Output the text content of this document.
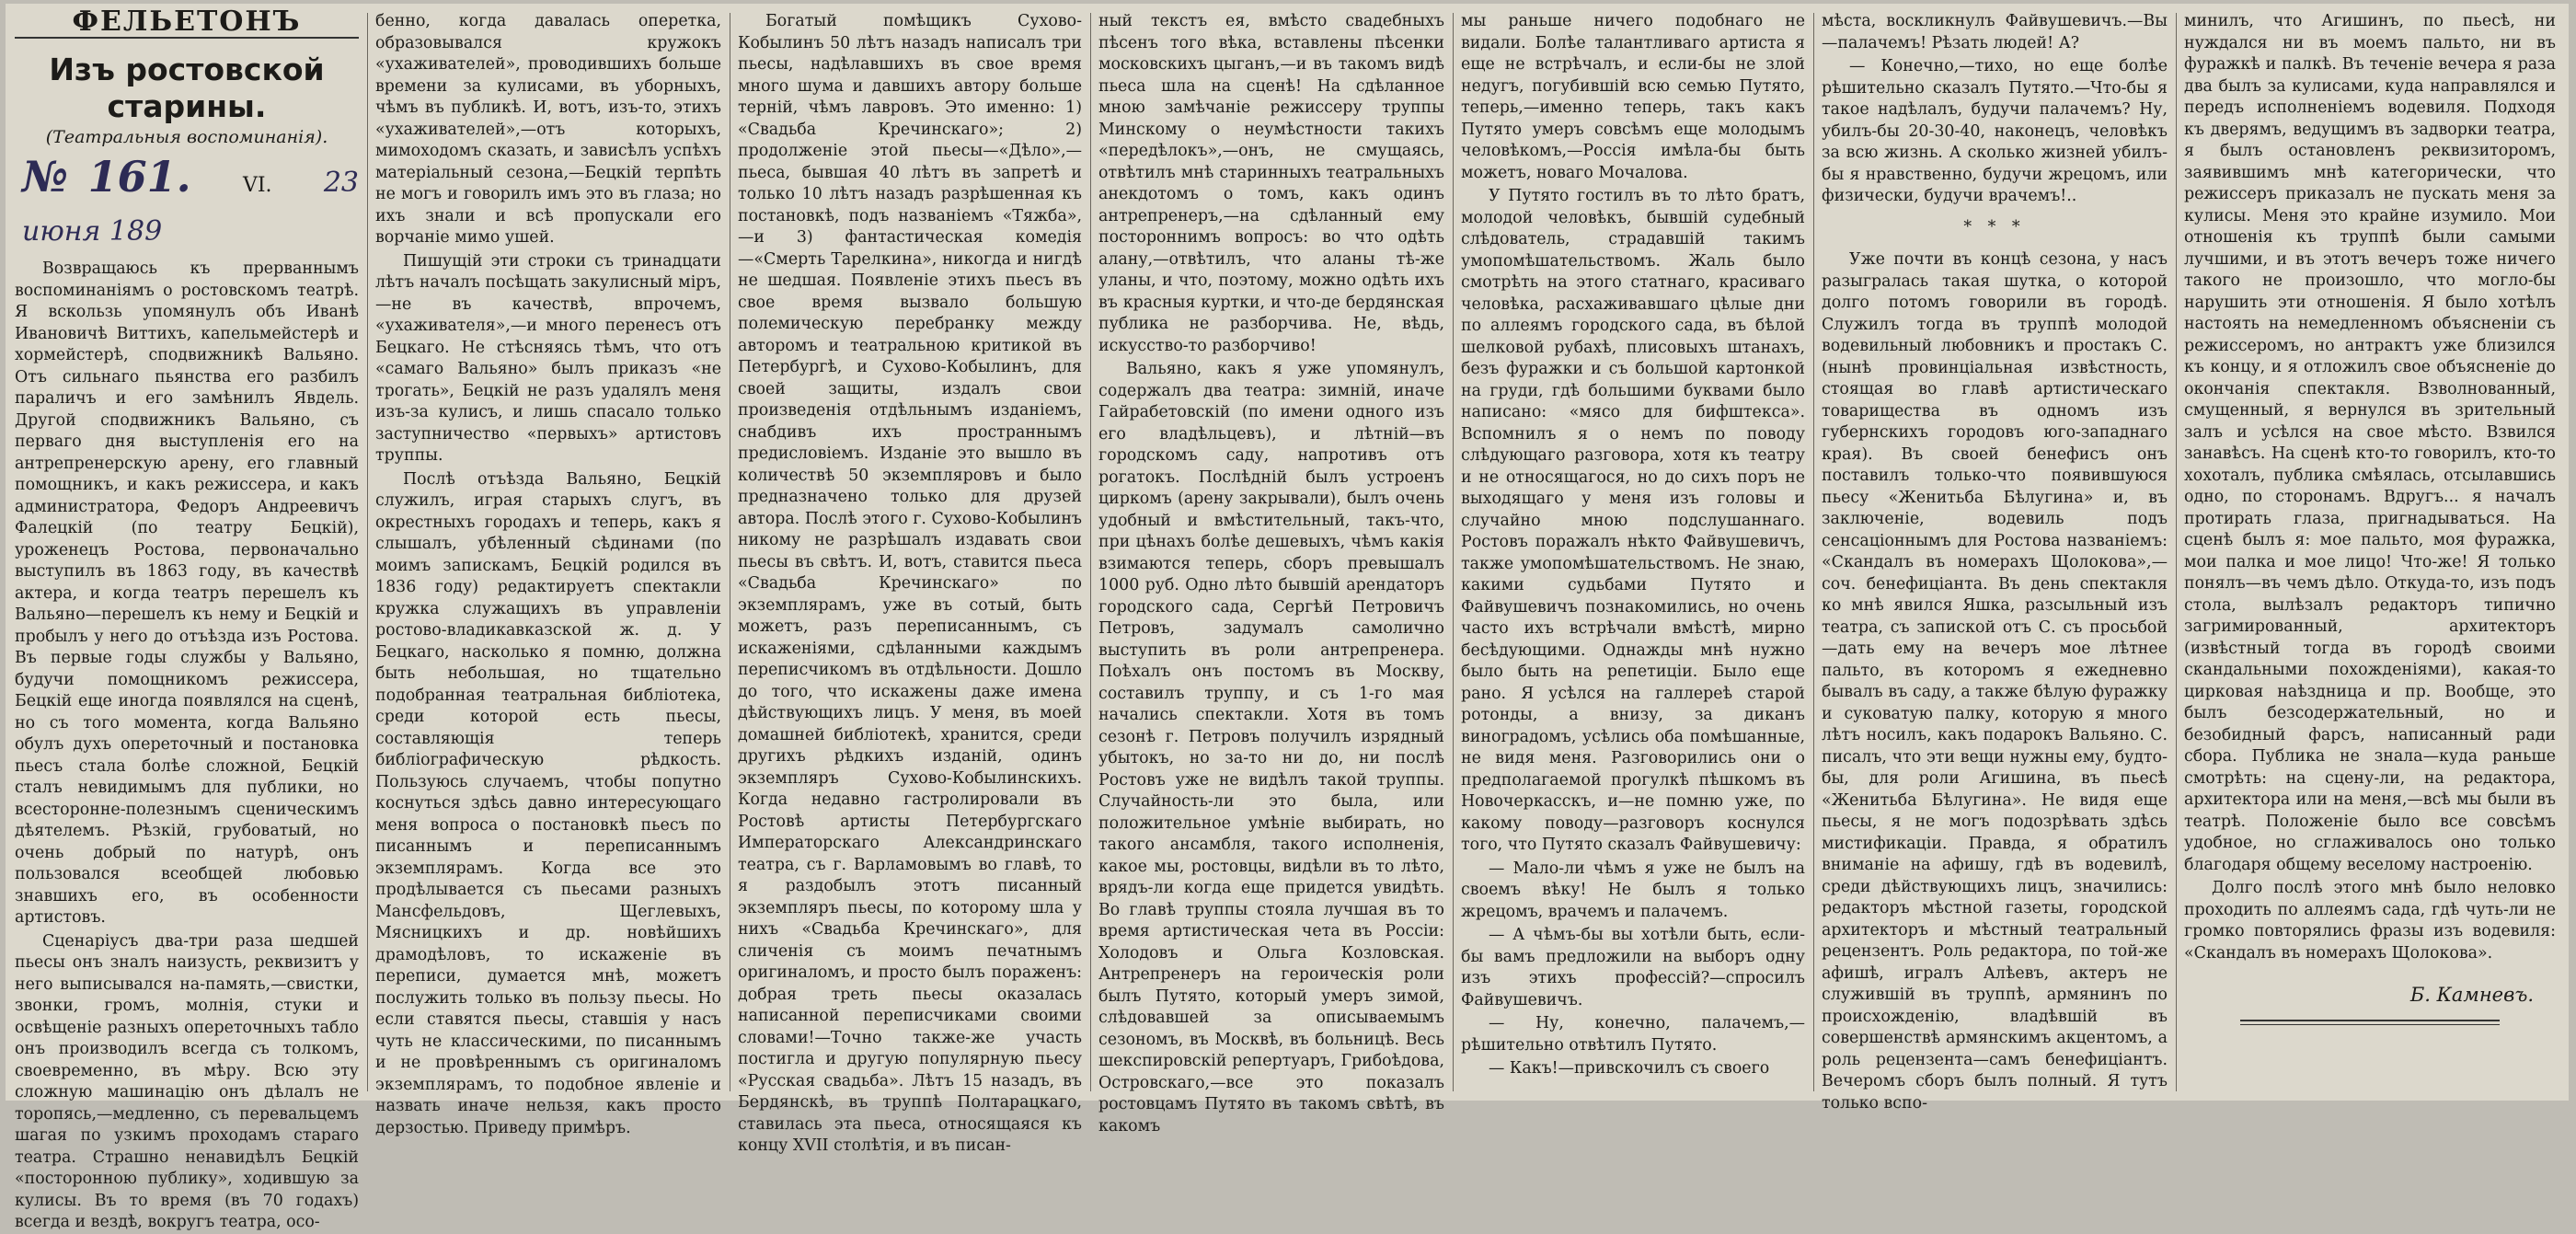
ФЕЛЬЕТОНЪ
Изъ ростовской старины.
(Театральныя воспоминанія).
№161.	VI. 23 июня 189

Возвращаюсь къ прерваннымъ воспоминаніямъ о ростовскомъ театрѣ. Я вскользь упомянулъ объ Иванѣ Ивановичѣ Виттихъ, капельмейстерѣ и хормейстерѣ, сподвижникѣ Вальяно. Отъ сильнаго пьянства его разбилъ параличъ и его замѣнилъ Явдель. Другой сподвижникъ Вальяно, съ перваго дня выступленія его на антрепренерскую арену, его главный помощникъ, и какъ режиссера, и какъ администратора, Федоръ Андреевичъ Фалецкій (по театру Бецкій), уроженецъ Ростова, первоначально выступилъ въ 1863 году, въ качествѣ актера, и когда театръ перешелъ къ Вальяно—перешелъ къ нему и Бецкій и пробылъ у него до отъѣзда изъ Ростова. Въ первые годы службы у Вальяно, будучи помощникомъ режиссера, Бецкій еще иногда появлялся на сценѣ, но съ того момента, когда Вальяно обулъ духъ опереточный и постановка пьесъ стала болѣе сложной, Бецкій сталъ невидимымъ для публики, но всесторонне-полезнымъ сценическимъ дѣятелемъ. Рѣзкій, грубоватый, но очень добрый по натурѣ, онъ пользовался всеобщей любовью знавшихъ его, въ особенности артистовъ.

Сценаріусъ два-три раза шедшей пьесы онъ зналъ наизусть, реквизитъ у него выписывался на-память,—свистки, звонки, громъ, молнія, стуки и освѣщеніе разныхъ опереточныхъ табло онъ производилъ всегда съ толкомъ, своевременно, въ мѣру. Всю эту сложную машинацію онъ дѣлалъ не торопясь,—медленно, съ перевальцемъ шагая по узкимъ проходамъ стараго театра. Страшно ненавидѣлъ Бецкій «посторонною публику», ходившую за кулисы. Въ то время (въ 70 годахъ) всегда и вездѣ, вокругъ театра, осо-

бенно, когда давалась оперетка, образовывался кружокъ «ухаживателей», проводившихъ больше времени за кулисами, въ уборныхъ, чѣмъ въ публикѣ. И, вотъ, изъ-то, этихъ «ухаживателей»,—отъ которыхъ, мимоходомъ сказать, и зависѣлъ успѣхъ матеріальный сезона,—Бецкій терпѣть не могъ и говорилъ имъ это въ глаза; но ихъ знали и всѣ пропускали его ворчаніе мимо ушей.

Пишущій эти строки съ тринадцати лѣтъ началъ посѣщать закулисный міръ,—не въ качествѣ, впрочемъ, «ухаживателя»,—и много перенесъ отъ Бецкаго. Не стѣсняясь тѣмъ, что отъ «самаго Вальяно» былъ приказъ «не трогать», Бецкій не разъ удалялъ меня изъ-за кулисъ, и лишь спасало только заступничество «первыхъ» артистовъ труппы.

Послѣ отъѣзда Вальяно, Бецкій служилъ, играя старыхъ слугъ, въ окрестныхъ городахъ и теперь, какъ я слышалъ, убѣленный сѣдинами (по моимъ запискамъ, Бецкій родился въ 1836 году) редактируетъ спектакли кружка служащихъ въ управленіи ростово-владикавказской ж. д. У Бецкаго, насколько я помню, должна быть небольшая, но тщательно подобранная театральная библіотека, среди которой есть пьесы, составляющія теперь библіографическую рѣдкость. Пользуюсь случаемъ, чтобы попутно коснуться здѣсь давно интересующаго меня вопроса о постановкѣ пьесъ по писаннымъ и переписаннымъ экземплярамъ. Когда все это продѣлывается съ пьесами разныхъ Мансфельдовъ, Щеглевыхъ, Мясницкихъ и др. новѣйшихъ драмодѣловъ, то искаженіе въ переписи, думается мнѣ, можетъ послужить только въ пользу пьесы. Но если ставятся пьесы, ставшія у насъ чуть не классическими, по писаннымъ и не провѣреннымъ съ оригиналомъ экземплярамъ, то подобное явленіе и назвать иначе нельзя, какъ просто дерзостью. Приведу примѣръ.

Богатый помѣщикъ Сухово-Кобылинъ 50 лѣтъ назадъ написалъ три пьесы, надѣлавшихъ въ свое время много шума и давшихъ автору больше терній, чѣмъ лавровъ. Это именно: 1) «Свадьба Кречинскаго»; 2) продолженіе этой пьесы—«Дѣло»,—пьеса, бывшая 40 лѣтъ въ запретѣ и только 10 лѣтъ назадъ разрѣшенная къ постановкѣ, подъ названіемъ «Тяжба»,—и 3) фантастическая комедія—«Смерть Тарелкина», никогда и нигдѣ не шедшая. Появленіе этихъ пьесъ въ свое время вызвало большую полемическую перебранку между авторомъ и театральною критикой въ Петербургѣ, и Сухово-Кобылинъ, для своей защиты, издалъ свои произведенія отдѣльнымъ изданіемъ, снабдивъ ихъ пространнымъ предисловіемъ. Изданіе это вышло въ количествѣ 50 экземпляровъ и было предназначено только для друзей автора. Послѣ этого г. Сухово-Кобылинъ никому не разрѣшалъ издавать свои пьесы въ свѣтъ. И, вотъ, ставится пьеса «Свадьба Кречинскаго» по экземплярамъ, уже въ сотый, быть можетъ, разъ переписаннымъ, съ искаженіями, сдѣланными каждымъ переписчикомъ въ отдѣльности. Дошло до того, что искажены даже имена дѣйствующихъ лицъ. У меня, въ моей домашней библіотекѣ, хранится, среди другихъ рѣдкихъ изданій, одинъ экземпляръ Сухово-Кобылинскихъ. Когда недавно гастролировали въ Ростовѣ артисты Петербургскаго Императорскаго Александринскаго театра, съ г. Варламовымъ во главѣ, то я раздобылъ этотъ писанный экземпляръ пьесы, по которому шла у нихъ «Свадьба Кречинскаго», для сличенія съ моимъ печатнымъ оригиналомъ, и просто былъ пораженъ: добрая треть пьесы оказалась написанной переписчиками своими словами!—Точно также-же участь постигла и другую популярную пьесу «Русская свадьба». Лѣтъ 15 назадъ, въ Бердянскѣ, въ труппѣ Полтарацкаго, ставилась эта пьеса, относящаяся къ концу XVII столѣтія, и въ писан-

ный текстъ ея, вмѣсто свадебныхъ пѣсенъ того вѣка, вставлены пѣсенки московскихъ цыганъ,—и въ такомъ видѣ пьеса шла на сценѣ! На сдѣланное мною замѣчаніе режиссеру труппы Минскому о неумѣстности такихъ «передѣлокъ»,—онъ, не смущаясь, отвѣтилъ мнѣ старинныхъ театральныхъ анекдотомъ о томъ, какъ одинъ антрепренеръ,—на сдѣланный ему постороннимъ вопросъ: во что одѣть алану,—отвѣтилъ, что аланы тѣ-же уланы, и что, поэтому, можно одѣть ихъ въ красныя куртки, и что-де бердянская публика не разборчива. Не, вѣдь, искусство-то разборчиво!

Вальяно, какъ я уже упомянулъ, содержалъ два театра: зимній, иначе Гайрабетовскій (по имени одного изъ его владѣльцевъ), и лѣтній—въ городскомъ саду, напротивъ отъ рогатокъ. Послѣдній былъ устроенъ циркомъ (арену закрывали), былъ очень удобный и вмѣстительный, такъ-что, при цѣнахъ болѣе дешевыхъ, чѣмъ какія взимаются теперь, сборъ превышалъ 1000 руб. Одно лѣто бывшій арендаторъ городского сада, Сергѣй Петровичъ Петровъ, задумалъ самолично выступить въ роли антрепренера. Поѣхалъ онъ постомъ въ Москву, составилъ труппу, и съ 1-го мая начались спектакли. Хотя въ томъ сезонѣ г. Петровъ получилъ изрядный убытокъ, но за-то ни до, ни послѣ Ростовъ уже не видѣлъ такой труппы. Случайность-ли это была, или положительное умѣніе выбирать, но такого ансамбля, такого исполненія, какое мы, ростовцы, видѣли въ то лѣто, врядъ-ли когда еще придется увидѣть. Во главѣ труппы стояла лучшая въ то время артистическая чета въ Россіи: Холодовъ и Ольга Козловская. Антрепренеръ на героическія роли былъ Путято, который умеръ зимой, слѣдовавшей за описываемымъ сезономъ, въ Москвѣ, въ больницѣ. Весь шекспировскій репертуаръ, Грибоѣдова, Островскаго,—все это показалъ ростовцамъ Путято въ такомъ свѣтѣ, въ какомъ

мы раньше ничего подобнаго не видали. Болѣе талантливаго артиста я еще не встрѣчалъ, и если-бы не злой недугъ, погубившій всю семью Путято, теперь,—именно теперь, такъ какъ Путято умеръ совсѣмъ еще молодымъ человѣкомъ,—Россія имѣла-бы быть можетъ, новаго Мочалова.

У Путято гостилъ въ то лѣто братъ, молодой человѣкъ, бывшій судебный слѣдователь, страдавшій такимъ умопомѣшательствомъ. Жаль было смотрѣть на этого статнаго, красиваго человѣка, расхаживавшаго цѣлые дни по аллеямъ городского сада, въ бѣлой шелковой рубахѣ, плисовыхъ штанахъ, безъ фуражки и съ большой картонкой на груди, гдѣ большими буквами было написано: «мясо для бифштекса». Вспомнилъ я о немъ по поводу слѣдующаго разговора, хотя къ театру и не относящагося, но до сихъ поръ не выходящаго у меня изъ головы и случайно мною подслушаннаго. Ростовъ поражалъ нѣкто Файвушевичъ, также умопомѣшательствомъ. Не знаю, какими судьбами Путято и Файвушевичъ познакомились, но очень часто ихъ встрѣчали вмѣстѣ, мирно бесѣдующими. Однажды мнѣ нужно было быть на репетиціи. Было еще рано. Я усѣлся на галлереѣ старой ротонды, а внизу, за диканъ виноградомъ, усѣлись оба помѣшанные, не видя меня. Разговорились они о предполагаемой прогулкѣ пѣшкомъ въ Новочеркасскъ, и—не помню уже, по какому поводу—разговоръ коснулся того, что Путято сказалъ Файвушевичу:

— Мало-ли чѣмъ я уже не былъ на своемъ вѣку! Не былъ я только жрецомъ, врачемъ и палачемъ.

— А чѣмъ-бы вы хотѣли быть, если-бы вамъ предложили на выборъ одну изъ этихъ профессій?—спросилъ Файвушевичъ.

— Ну, конечно, палачемъ,—рѣшительно отвѣтилъ Путято.

— Какъ!—привскочилъ съ своего

мѣста, воскликнулъ Файвушевичъ.—Вы—палачемъ! Рѣзать людей! А?

— Конечно,—тихо, но еще болѣе рѣшительно сказалъ Путято.—Что-бы я такое надѣлалъ, будучи палачемъ? Ну, убилъ-бы 20-30-40, наконецъ, человѣкъ за всю жизнь. А сколько жизней убилъ-бы я нравственно, будучи жрецомъ, или физически, будучи врачемъ!..

* * *

Уже почти въ концѣ сезона, у насъ разыгралась такая шутка, о которой долго потомъ говорили въ городѣ. Служилъ тогда въ труппѣ молодой водевильный любовникъ и простакъ С. (нынѣ провинціальная извѣстность, стоящая во главѣ артистическаго товарищества въ одномъ изъ губернскихъ городовъ юго-западнаго края). Въ своей бенефисъ онъ поставилъ только-что появившуюся пьесу «Женитьба Бѣлугина» и, въ заключеніе, водевиль подъ сенсаціоннымъ для Ростова названіемъ: «Скандалъ въ номерахъ Щолокова»,—соч. бенефиціанта. Въ день спектакля ко мнѣ явился Яшка, разсыльный изъ театра, съ запиской отъ С. съ просьбой—дать ему на вечеръ мое лѣтнее пальто, въ которомъ я ежедневно бывалъ въ саду, а также бѣлую фуражку и суковатую палку, которую я много лѣтъ носилъ, какъ подарокъ Вальяно. С. писалъ, что эти вещи нужны ему, будто-бы, для роли Агишина, въ пьесѣ «Женитьба Бѣлугина». Не видя еще пьесы, я не могъ подозрѣвать здѣсь мистификаціи. Правда, я обратилъ вниманіе на афишу, гдѣ въ водевилѣ, среди дѣйствующихъ лицъ, значились: редакторъ мѣстной газеты, городской архитекторъ и мѣстный театральный рецензентъ. Роль редактора, по той-же афишѣ, игралъ Алѣевъ, актеръ не служившій въ труппѣ, армянинъ по происхожденію, владѣвшій въ совершенствѣ армянскимъ акцентомъ, а роль рецензента—самъ бенефиціантъ. Вечеромъ сборъ былъ полный. Я тутъ только вспо-

минилъ, что Агишинъ, по пьесѣ, ни нуждался ни въ моемъ пальто, ни въ фуражкѣ и палкѣ. Въ теченіе вечера я раза два былъ за кулисами, куда направлялся и передъ исполненіемъ водевиля. Подходя къ дверямъ, ведущимъ въ задворки театра, я былъ остановленъ реквизиторомъ, заявившимъ мнѣ категорически, что режиссеръ приказалъ не пускать меня за кулисы. Меня это крайне изумило. Мои отношенія къ труппѣ были самыми лучшими, и въ этотъ вечеръ тоже ничего такого не произошло, что могло-бы нарушить эти отношенія. Я было хотѣлъ настоять на немедленномъ объясненіи съ режиссеромъ, но антрактъ уже близился къ концу, и я отложилъ свое объясненіе до окончанія спектакля. Взволнованный, смущенный, я вернулся въ зрительный залъ и усѣлся на свое мѣсто. Взвился занавѣсъ. На сценѣ кто-то говорилъ, кто-то хохоталъ, публика смѣялась, отсылавшись одно, по сторонамъ. Вдругъ... я началъ протирать глаза, пригнадываться. На сценѣ былъ я: мое пальто, моя фуражка, мои палка и мое лицо! Что-же! Я только понялъ—въ чемъ дѣло. Откуда-то, изъ подъ стола, вылѣзалъ редакторъ типично загримированный, архитекторъ (извѣстный тогда въ городѣ своими скандальными похожденіями), какая-то цирковая наѣздница и пр. Вообще, это былъ безсодержательный, но и безобидный фарсъ, написанный ради сбора. Публика не знала—куда раньше смотрѣть: на сцену-ли, на редактора, архитектора или на меня,—всѣ мы были въ театрѣ. Положеніе было все совсѣмъ удобное, но сглаживалось оно только благодаря общему веселому настроенію.

Долго послѣ этого мнѣ было неловко проходить по аллеямъ сада, гдѣ чуть-ли не громко повторялись фразы изъ водевиля: «Скандалъ въ номерахъ Щолокова».

Б. Камневъ.
